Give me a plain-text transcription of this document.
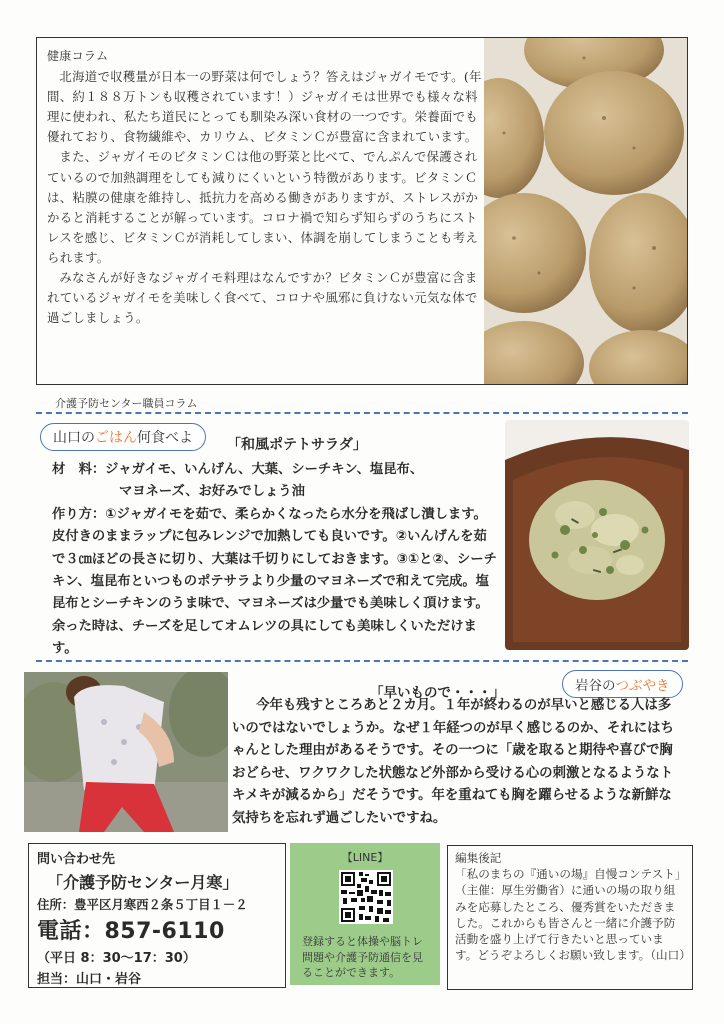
健康コラム

北海道で収穫量が日本一の野菜は何でしょう？答えはジャガイモです。(年間、約１８８万トンも収穫されています！）ジャガイモは世界でも様々な料理に使われ、私たち道民にとっても馴染み深い食材の一つです。栄養面でも優れており、食物繊維や、カリウム、ビタミンＣが豊富に含まれています。

また、ジャガイモのビタミンＣは他の野菜と比べて、でんぷんで保護されているので加熱調理をしても減りにくいという特徴があります。ビタミンＣは、粘膜の健康を維持し、抵抗力を高める働きがありますが、ストレスがかかると消耗することが解っています。コロナ禍で知らず知らずのうちにストレスを感じ、ビタミンＣが消耗してしまい、体調を崩してしまうことも考えられます。

みなさんが好きなジャガイモ料理はなんですか？ビタミンＣが豊富に含まれているジャガイモを美味しく食べて、コロナや風邪に負けない元気な体で過ごしましょう。

介護予防センター職員コラム
山口のごはん何食べよ	「和風ポテトサラダ」
材　料：ジャガイモ、いんげん、大葉、シーチキン、塩昆布、
マヨネーズ、お好みでしょう油
作り方：①ジャガイモを茹で、柔らかくなったら水分を飛ばし潰します。皮付きのままラップに包みレンジで加熱しても良いです。②いんげんを茹で３㎝ほどの長さに切り、大葉は千切りにしておきます。③①と②、シーチキン、塩昆布といつものポテサラより少量のマヨネーズで和えて完成。塩昆布とシーチキンのうま味で、マヨネーズは少量でも美味しく頂けます。余った時は、チーズを足してオムレツの具にしても美味しくいただけます。
岩谷のつぶやき
「早いもので・・・」

今年も残すところあと２カ月。１年が終わるのが早いと感じる人は多いのではないでしょうか。なぜ１年経つのが早く感じるのか、それにはちゃんとした理由があるそうです。その一つに「歳を取ると期待や喜びで胸おどらせ、ワクワクした状態など外部から受ける心の刺激となるようなトキメキが減るから」だそうです。年を重ねても胸を躍らせるような新鮮な気持ちを忘れず過ごしたいですね。

問い合わせ先
「介護予防センター月寒」
住所：豊平区月寒西２条５丁目１－２
電話：857-6110
（平日 8：30～17：30）
担当：山口・岩谷
【LINE】
登録すると体操や脳トレ問題や介護予防通信を見ることができます。
編集後記
「私のまちの『通いの場』自慢コンテスト」（主催：厚生労働省）に通いの場の取り組みを応募したところ、優秀賞をいただきました。これからも皆さんと一緒に介護予防活動を盛り上げて行きたいと思っています。どうぞよろしくお願い致します。（山口）
